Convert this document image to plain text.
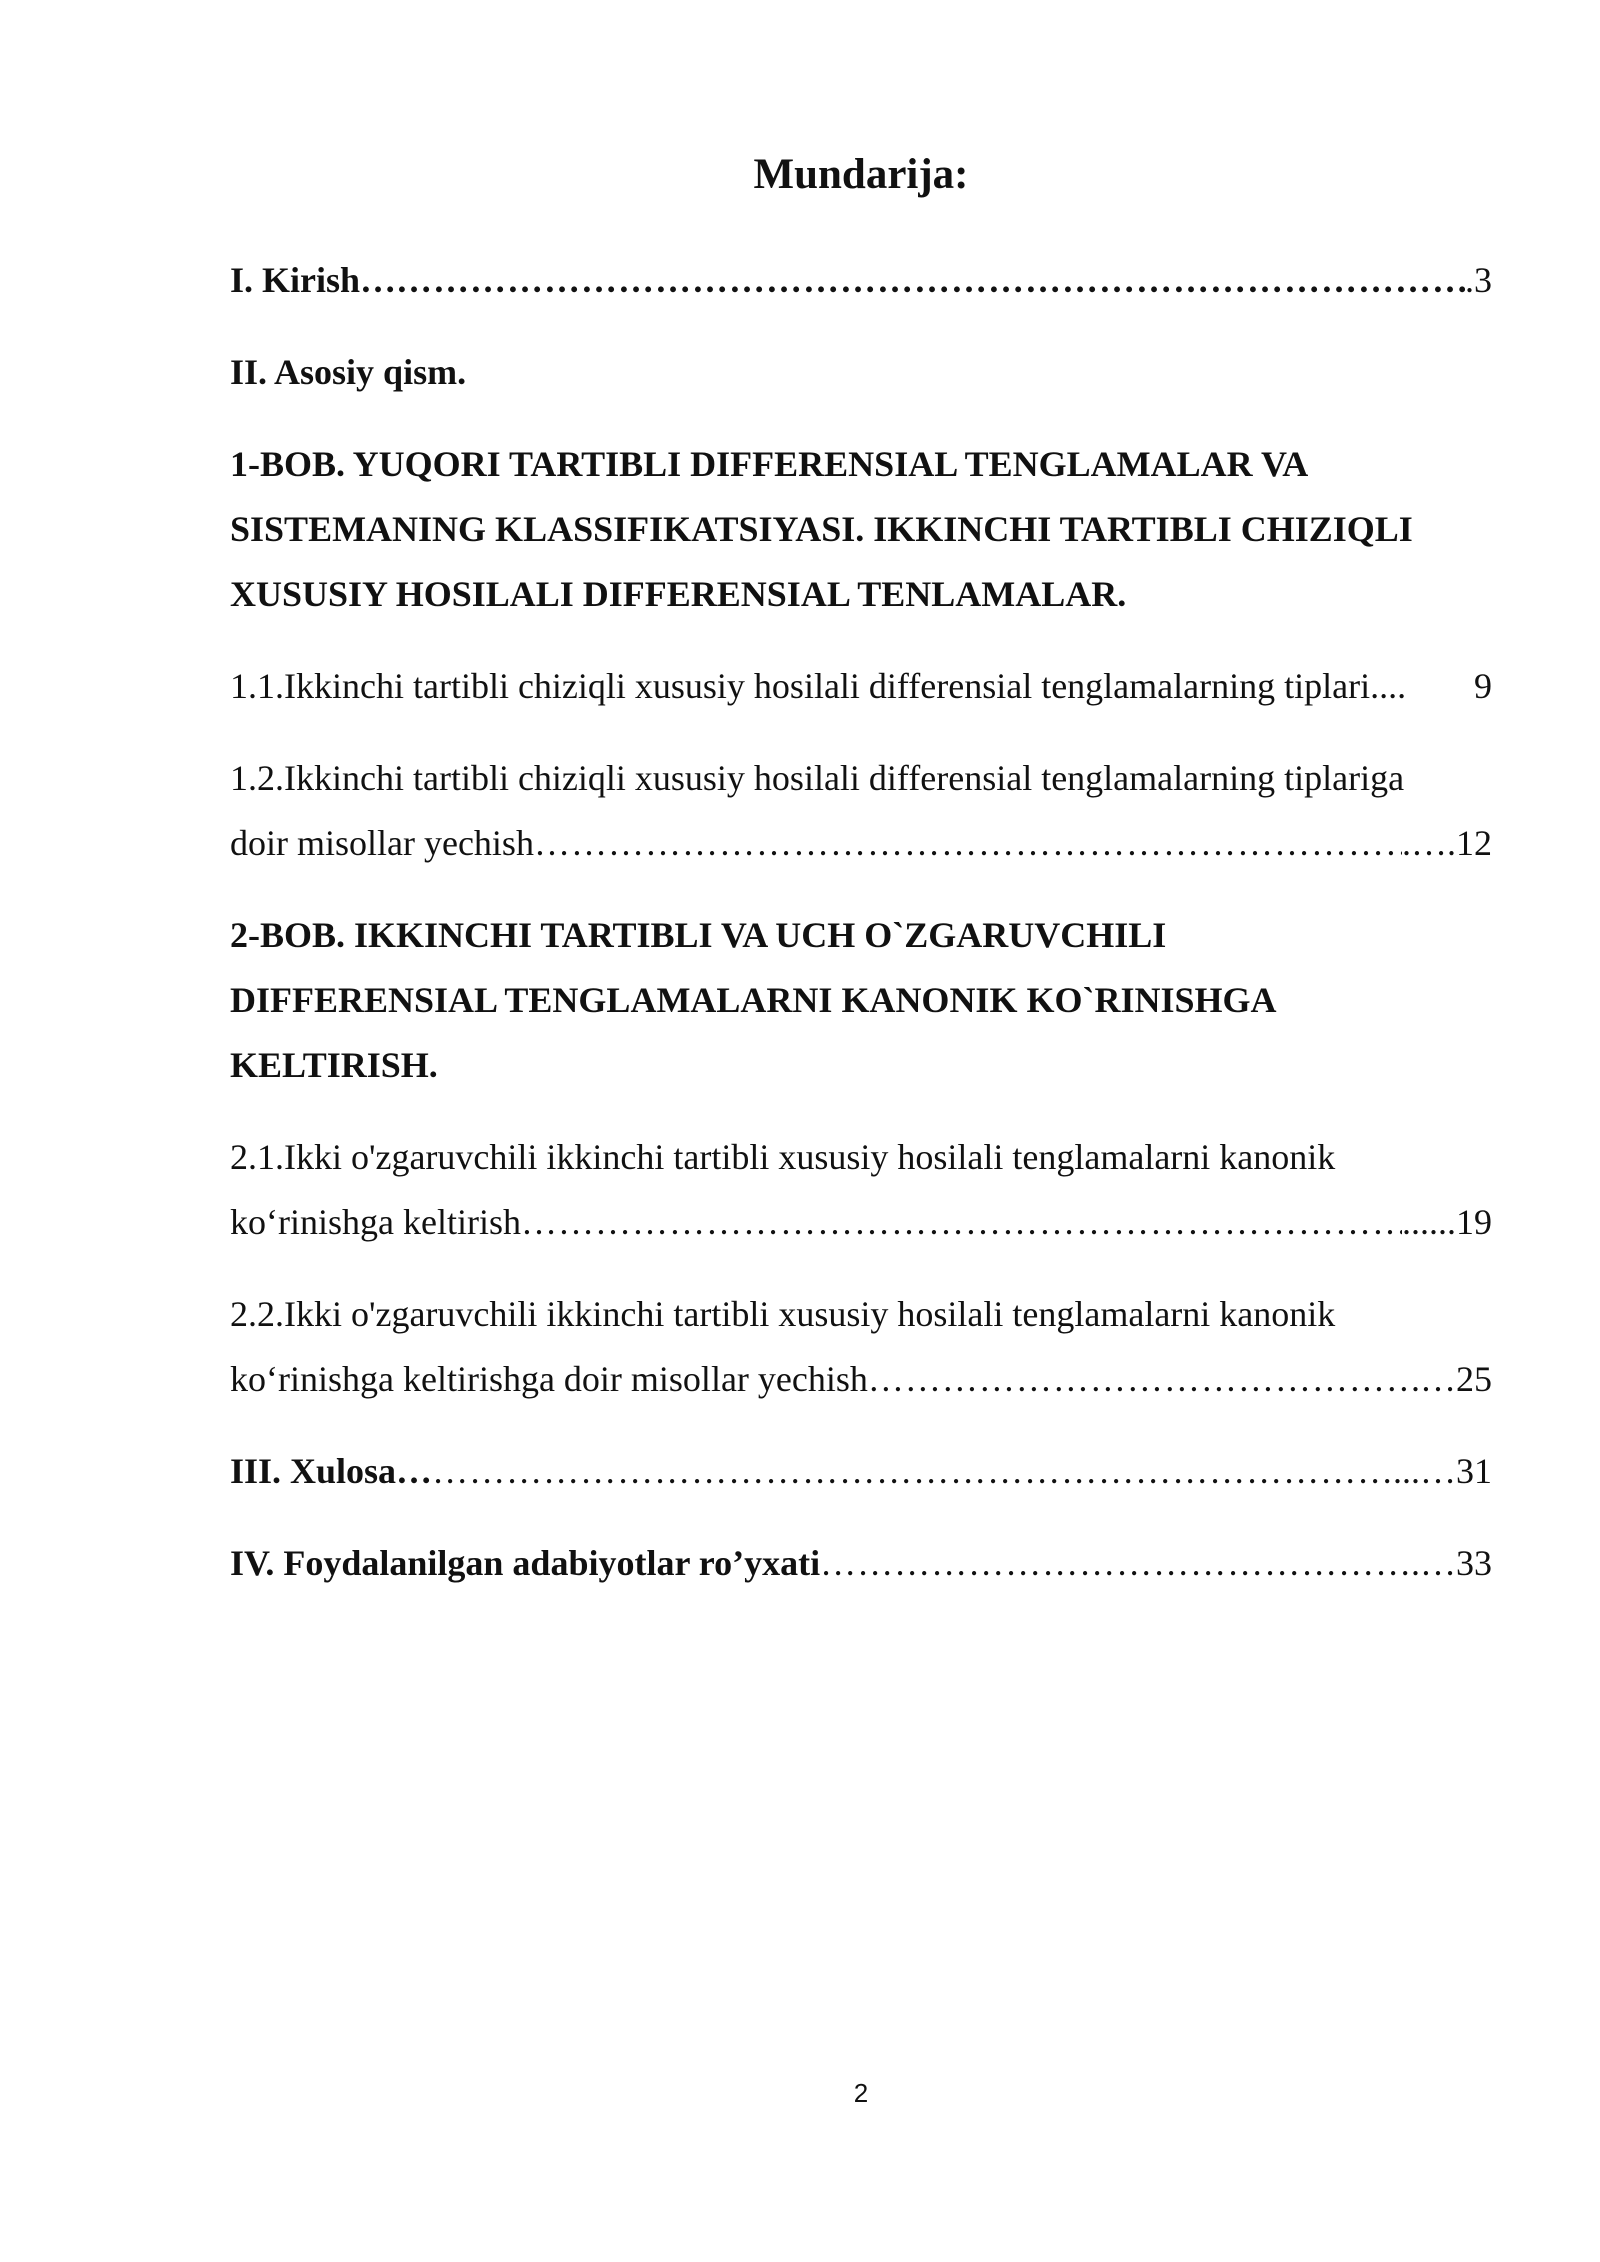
Mundarija:
I. Kirish… ………………………………………………………………………………………………………………………………………………………	.3
II. Asosiy qism.
1-BOB. YUQORI TARTIBLI DIFFERENSIAL TENGLAMALAR VA
SISTEMANING KLASSIFIKATSIYASI. IKKINCHI TARTIBLI CHIZIQLI
XUSUSIY HOSILALI DIFFERENSIAL TENLAMALAR.
1.1.Ikkinchi tartibli chiziqli xususiy hosilali differensial tenglamalarning tiplari....	9
1.2.Ikkinchi tartibli chiziqli xususiy hosilali differensial tenglamalarning tiplariga
doir misollar yechish ………………………………………………………………………………………………………………………………………………………	.….12
2-BOB. IKKINCHI TARTIBLI VA UCH O`ZGARUVCHILI
DIFFERENSIAL TENGLAMALARNI KANONIK KO`RINISHGA
KELTIRISH.
2.1.Ikki o'zgaruvchili ikkinchi tartibli xususiy hosilali tenglamalarni kanonik
ko‘rinishga keltirish ………………………………………………………………………………………………………………………………………………………	......19
2.2.Ikki o'zgaruvchili ikkinchi tartibli xususiy hosilali tenglamalarni kanonik
ko‘rinishga keltirishga doir misollar yechish ………………………………………………………………………………………………………………………………………………………	.…25
III. Xulosa… ………………………………………………………………………………………………………………………………………………………	...…31
IV. Foydalanilgan adabiyotlar ro’yxati ………………………………………………………………………………………………………………………………………………………	.…33
2
